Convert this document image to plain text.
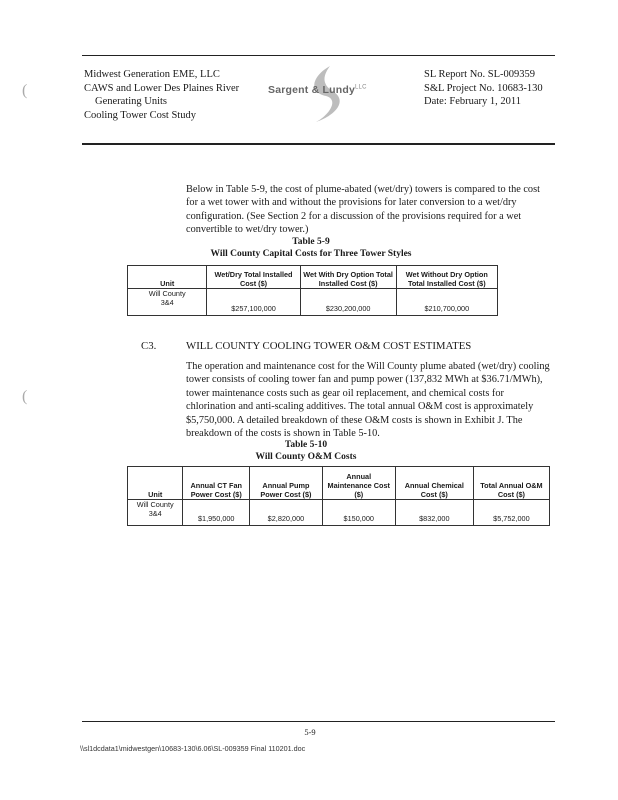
(
(
Midwest Generation EME, LLC
CAWS and Lower Des Plaines River
Generating Units
Cooling Tower Cost Study
Sargent & Lundy$^{LLC}$
SL Report No. SL-009359
S&L Project No. 10683-130
Date: February 1, 2011
Below in Table 5-9, the cost of plume-abated (wet/dry) towers is compared to the cost for a wet tower with and without the provisions for later conversion to a wet/dry configuration. (See Section 2 for a discussion of the provisions required for a wet convertible to wet/dry tower.)
Table 5-9
Will County Capital Costs for Three Tower Styles
Unit	Wet/Dry Total Installed Cost ($)	Wet With Dry Option Total Installed Cost ($)	Wet Without Dry Option Total Installed Cost ($)

Will County
3&4	$257,100,000	$230,200,000	$210,700,000
C3.	WILL COUNTY COOLING TOWER O&M COST ESTIMATES
The operation and maintenance cost for the Will County plume abated (wet/dry) cooling tower consists of cooling tower fan and pump power (137,832 MWh at $36.71/MWh), tower maintenance costs such as gear oil replacement, and chemical costs for chlorination and anti-scaling additives. The total annual O&M cost is approximately $5,750,000. A detailed breakdown of these O&M costs is shown in Exhibit J. The breakdown of the costs is shown in Table 5-10.
Table 5-10
Will County O&M Costs
Unit	Annual CT Fan Power Cost ($)	Annual Pump Power Cost ($)	Annual Maintenance Cost ($)	Annual Chemical Cost ($)	Total Annual O&M Cost ($)

Will County
3&4	$1,950,000	$2,820,000	$150,000	$832,000	$5,752,000
5-9
\\sl1dcdata1\midwestgen\10683-130\6.06\SL-009359 Final 110201.doc
